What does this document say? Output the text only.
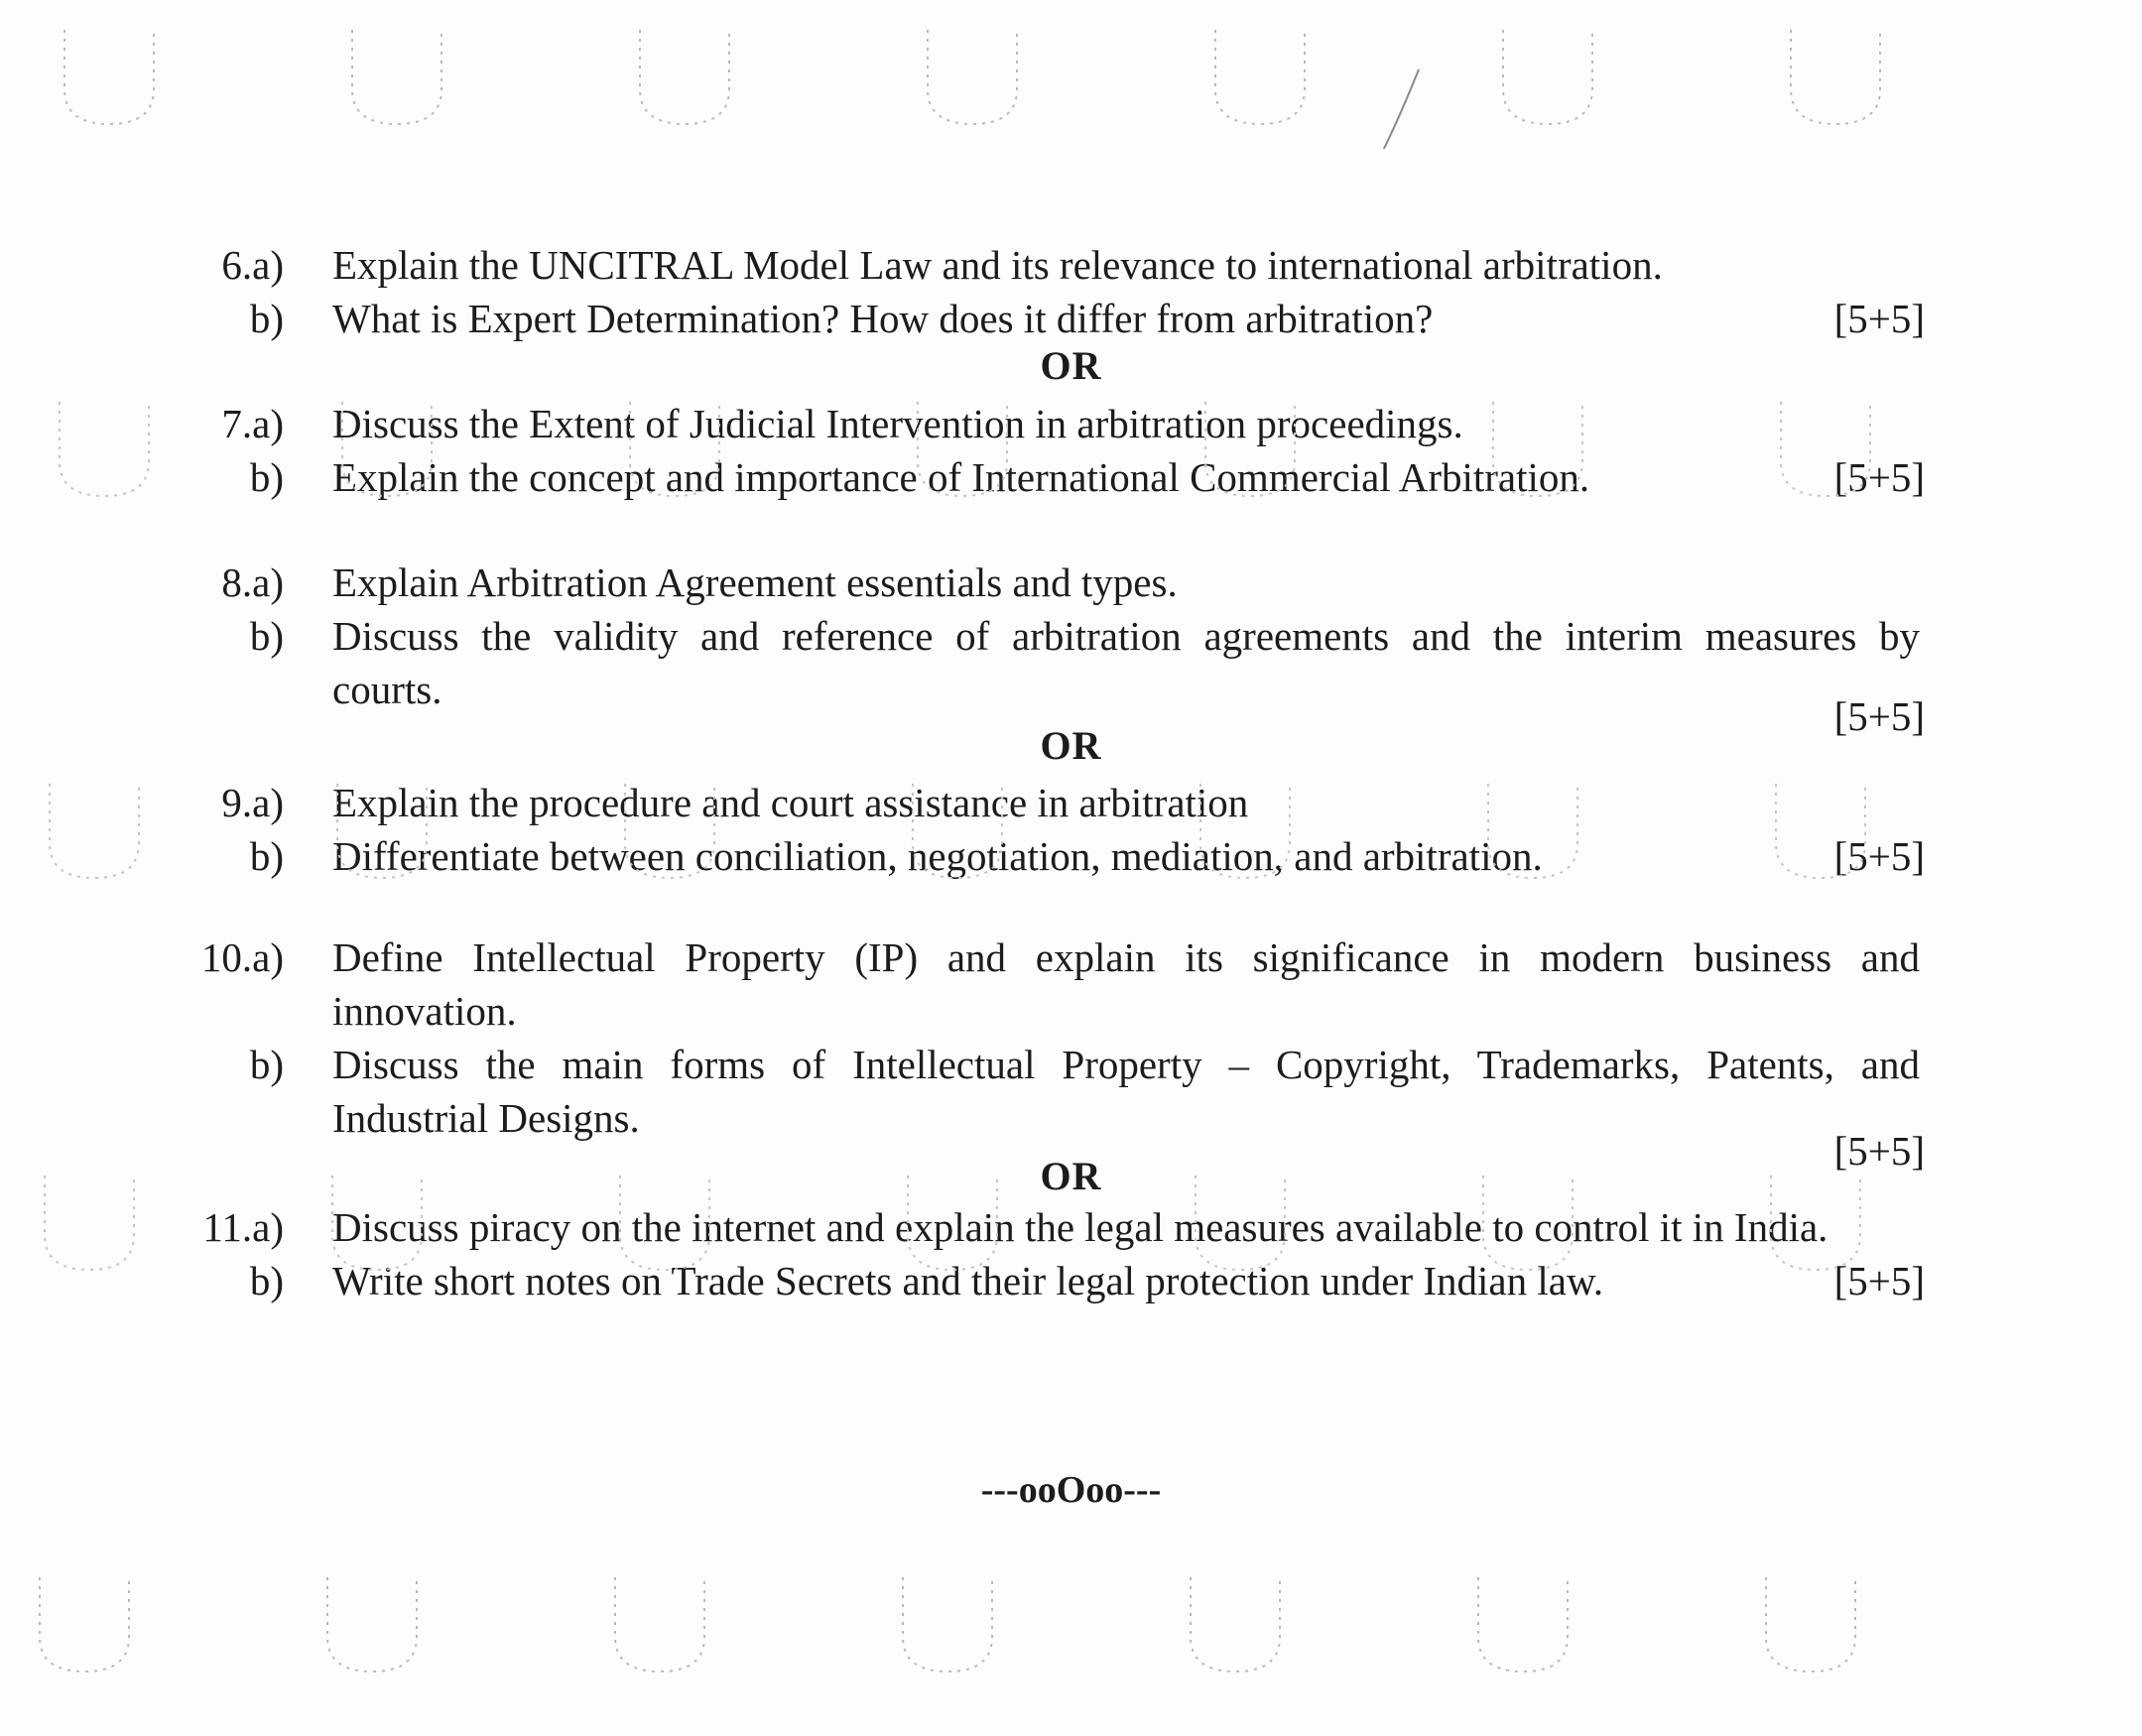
6.a) Explain the UNCITRAL Model Law and its relevance to international arbitration.
b) What is Expert Determination? How does it differ from arbitration?	[5+5]
OR
7.a) Discuss the Extent of Judicial Intervention in arbitration proceedings.
b) Explain the concept and importance of International Commercial Arbitration.	[5+5]
8.a) Explain Arbitration Agreement essentials and types.
b) Discuss the validity and reference of arbitration agreements and the interim measures by
courts.
[5+5]
OR
9.a) Explain the procedure and court assistance in arbitration
b) Differentiate between conciliation, negotiation, mediation, and arbitration.	[5+5]
10.a) Define Intellectual Property (IP) and explain its significance in modern business and
innovation.
b) Discuss the main forms of Intellectual Property – Copyright, Trademarks, Patents, and
Industrial Designs.
[5+5]
OR
11.a) Discuss piracy on the internet and explain the legal measures available to control it in India.
b) Write short notes on Trade Secrets and their legal protection under Indian law.	[5+5]
---ooOoo---
